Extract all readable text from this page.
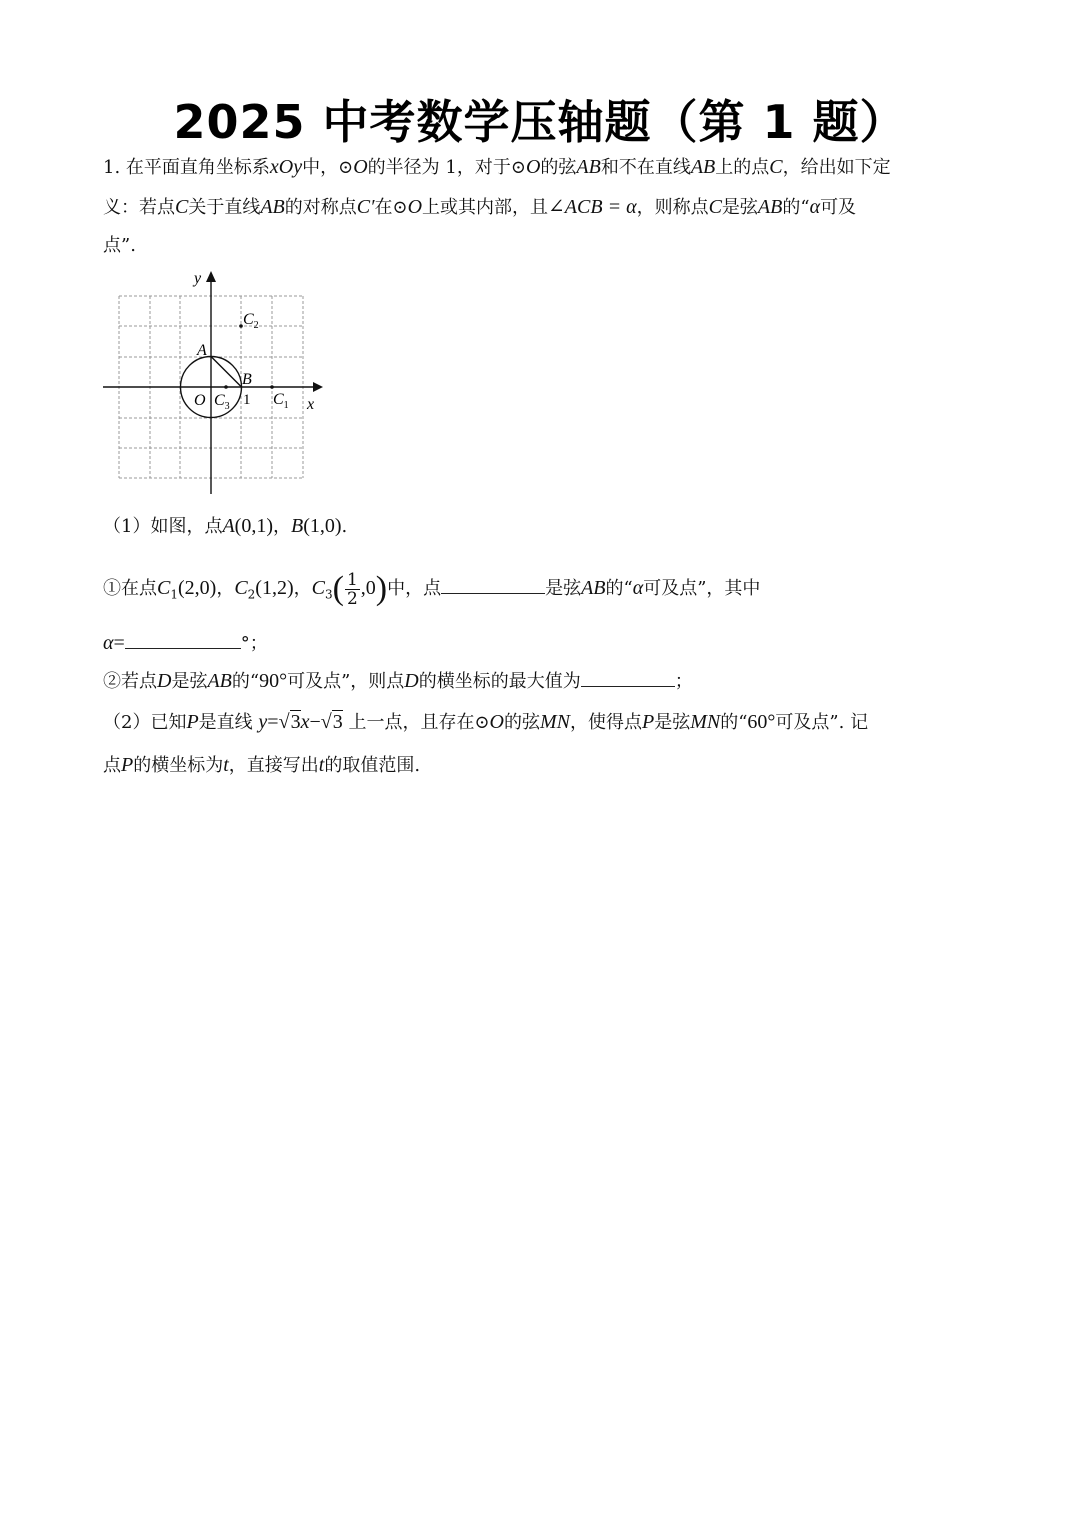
2025 中考数学压轴题（第 1 题）
1. 在平面直角坐标系xOy中，⊙O的半径为 1，对于⊙O的弦AB和不在直线AB上的点C，给出如下定
义：若点C关于直线AB的对称点C′在⊙O上或其内部，且∠ACB = α，则称点C是弦AB的“α可及
点”.
y
x
A
B
O 1 $C_1$
$C_2$
$C_3$
（1）如图，点A(0,1)，B(1,0).
①在点$C_1(2,0)$，$C_2(1,2)$，$C_3( \frac{1}{2} ,0)$中，点	是弦AB的“α可及点”，其中
α=	°；
②若点D是弦AB的“90°可及点”，则点D的横坐标的最大值为	；
（2）已知P是直线 y=√3x−√3 上一点，且存在⊙O的弦MN，使得点P是弦MN的“60°可及点”. 记
点P的横坐标为t，直接写出t的取值范围.
